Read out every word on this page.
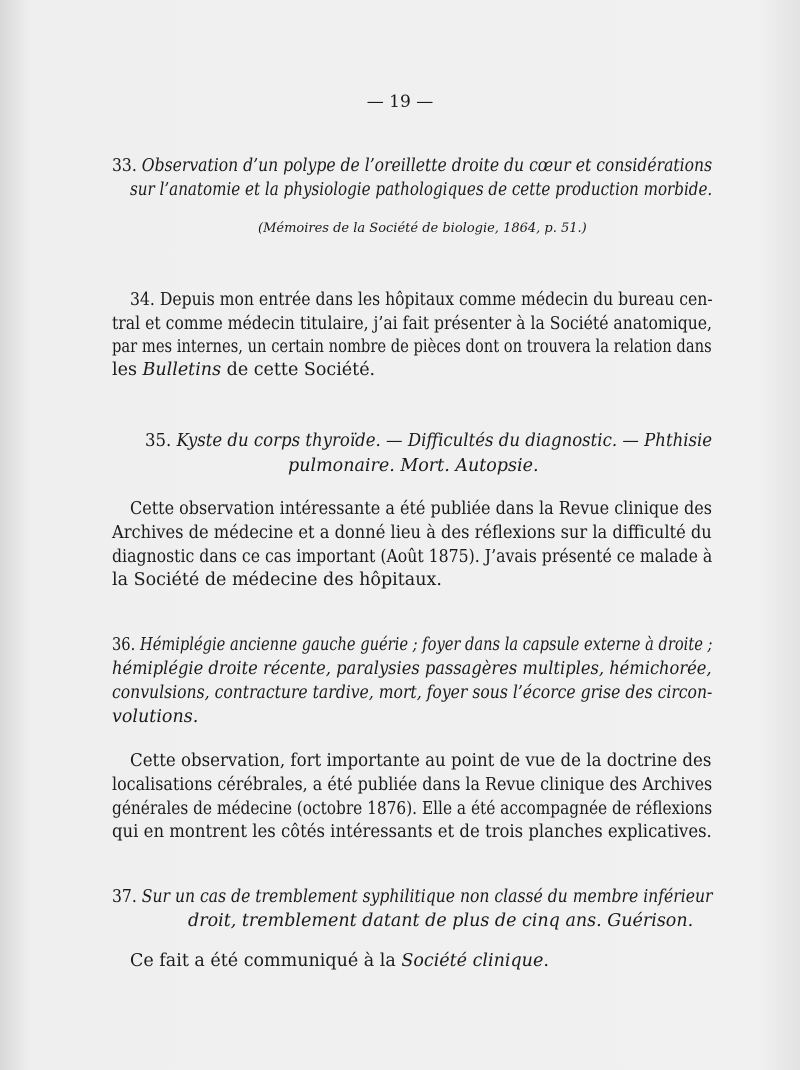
— 19 —
33. Observation d’un polype de l’oreillette droite du cœur et considérations
sur l’anatomie et la physiologie pathologiques de cette production morbide.
(Mémoires de la Société de biologie, 1864, p. 51.)
34. Depuis mon entrée dans les hôpitaux comme médecin du bureau cen-
tral et comme médecin titulaire, j’ai fait présenter à la Société anatomique,
par mes internes, un certain nombre de pièces dont on trouvera la relation dans
les Bulletins de cette Société.
35. Kyste du corps thyroïde. — Difficultés du diagnostic. — Phthisie
pulmonaire. Mort. Autopsie.
Cette observation intéressante a été publiée dans la Revue clinique des
Archives de médecine et a donné lieu à des réflexions sur la difficulté du
diagnostic dans ce cas important (Août 1875). J’avais présenté ce malade à
la Société de médecine des hôpitaux.
36. Hémiplégie ancienne gauche guérie ; foyer dans la capsule externe à droite ;
hémiplégie droite récente, paralysies passagères multiples, hémichorée,
convulsions, contracture tardive, mort, foyer sous l’écorce grise des circon-
volutions.
Cette observation, fort importante au point de vue de la doctrine des
localisations cérébrales, a été publiée dans la Revue clinique des Archives
générales de médecine (octobre 1876). Elle a été accompagnée de réflexions
qui en montrent les côtés intéressants et de trois planches explicatives.
37. Sur un cas de tremblement syphilitique non classé du membre inférieur
droit, tremblement datant de plus de cinq ans. Guérison.
Ce fait a été communiqué à la Société clinique.
